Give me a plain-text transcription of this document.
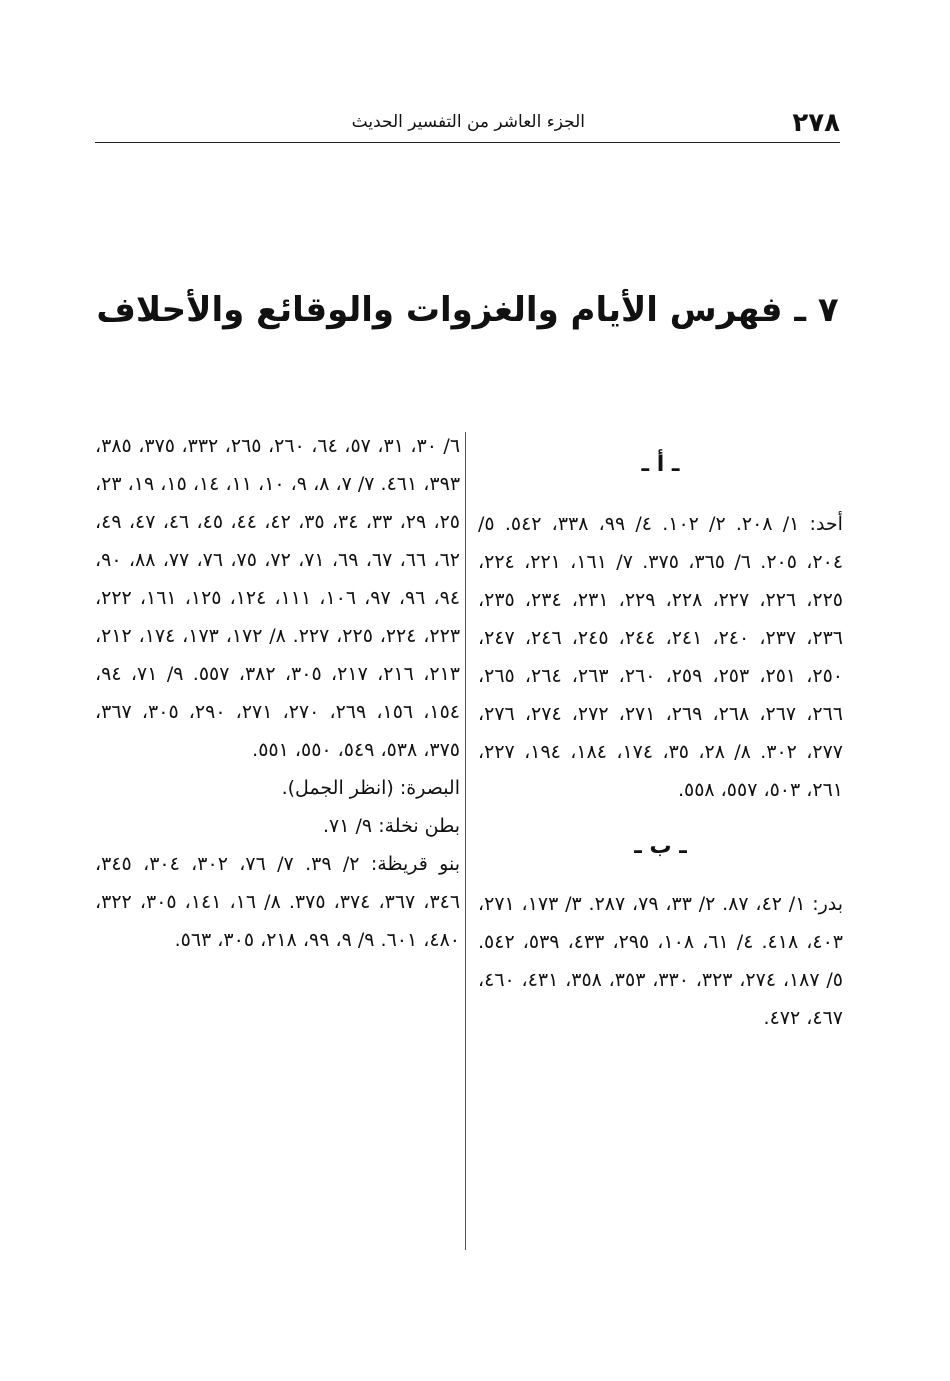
٢٧٨
الجزء العاشر من التفسير الحديث
٧ ـ فهرس الأيام والغزوات والوقائع والأحلاف

ـ أ ـ

أحد: ١/ ٢٠٨. ٢/ ١٠٢. ٤/ ٩٩، ٣٣٨، ٥٤٢. ٥/ ٢٠٤، ٢٠٥. ٦/ ٣٦٥، ٣٧٥. ٧/ ١٦١، ٢٢١، ٢٢٤، ٢٢٥، ٢٢٦، ٢٢٧، ٢٢٨، ٢٢٩، ٢٣١، ٢٣٤، ٢٣٥، ٢٣٦، ٢٣٧، ٢٤٠، ٢٤١، ٢٤٤، ٢٤٥، ٢٤٦، ٢٤٧، ٢٥٠، ٢٥١، ٢٥٣، ٢٥٩، ٢٦٠، ٢٦٣، ٢٦٤، ٢٦٥، ٢٦٦، ٢٦٧، ٢٦٨، ٢٦٩، ٢٧١، ٢٧٢، ٢٧٤، ٢٧٦، ٢٧٧، ٣٠٢. ٨/ ٢٨، ٣٥، ١٧٤، ١٨٤، ١٩٤، ٢٢٧، ٢٦١، ٥٠٣، ٥٥٧، ٥٥٨.

ـ ب ـ

بدر: ١/ ٤٢، ٨٧. ٢/ ٣٣، ٧٩، ٢٨٧. ٣/ ١٧٣، ٢٧١، ٤٠٣، ٤١٨. ٤/ ٦١، ١٠٨، ٢٩٥، ٤٣٣، ٥٣٩، ٥٤٢. ٥/ ١٨٧، ٢٧٤، ٣٢٣، ٣٣٠، ٣٥٣، ٣٥٨، ٤٣١، ٤٦٠، ٤٦٧، ٤٧٢.

٦/ ٣٠، ٣١، ٥٧، ٦٤، ٢٦٠، ٢٦٥، ٣٣٢، ٣٧٥، ٣٨٥، ٣٩٣، ٤٦١. ٧/ ٧، ٨، ٩، ١٠، ١١، ١٤، ١٥، ١٩، ٢٣، ٢٥، ٢٩، ٣٣، ٣٤، ٣٥، ٤٢، ٤٤، ٤٥، ٤٦، ٤٧، ٤٩، ٦٢، ٦٦، ٦٧، ٦٩، ٧١، ٧٢، ٧٥، ٧٦، ٧٧، ٨٨، ٩٠، ٩٤، ٩٦، ٩٧، ١٠٦، ١١١، ١٢٤، ١٢٥، ١٦١، ٢٢٢، ٢٢٣، ٢٢٤، ٢٢٥، ٢٢٧. ٨/ ١٧٢، ١٧٣، ١٧٤، ٢١٢، ٢١٣، ٢١٦، ٢١٧، ٣٠٥، ٣٨٢، ٥٥٧. ٩/ ٧١، ٩٤، ١٥٤، ١٥٦، ٢٦٩، ٢٧٠، ٢٧١، ٢٩٠، ٣٠٥، ٣٦٧، ٣٧٥، ٥٣٨، ٥٤٩، ٥٥٠، ٥٥١.

البصرة: (انظر الجمل).

بطن نخلة: ٩/ ٧١.

بنو قريظة: ٢/ ٣٩. ٧/ ٧٦، ٣٠٢، ٣٠٤، ٣٤٥، ٣٤٦، ٣٦٧، ٣٧٤، ٣٧٥. ٨/ ١٦، ١٤١، ٣٠٥، ٣٢٢، ٤٨٠، ٦٠١. ٩/ ٩، ٩٩، ٢١٨، ٣٠٥، ٥٦٣.
